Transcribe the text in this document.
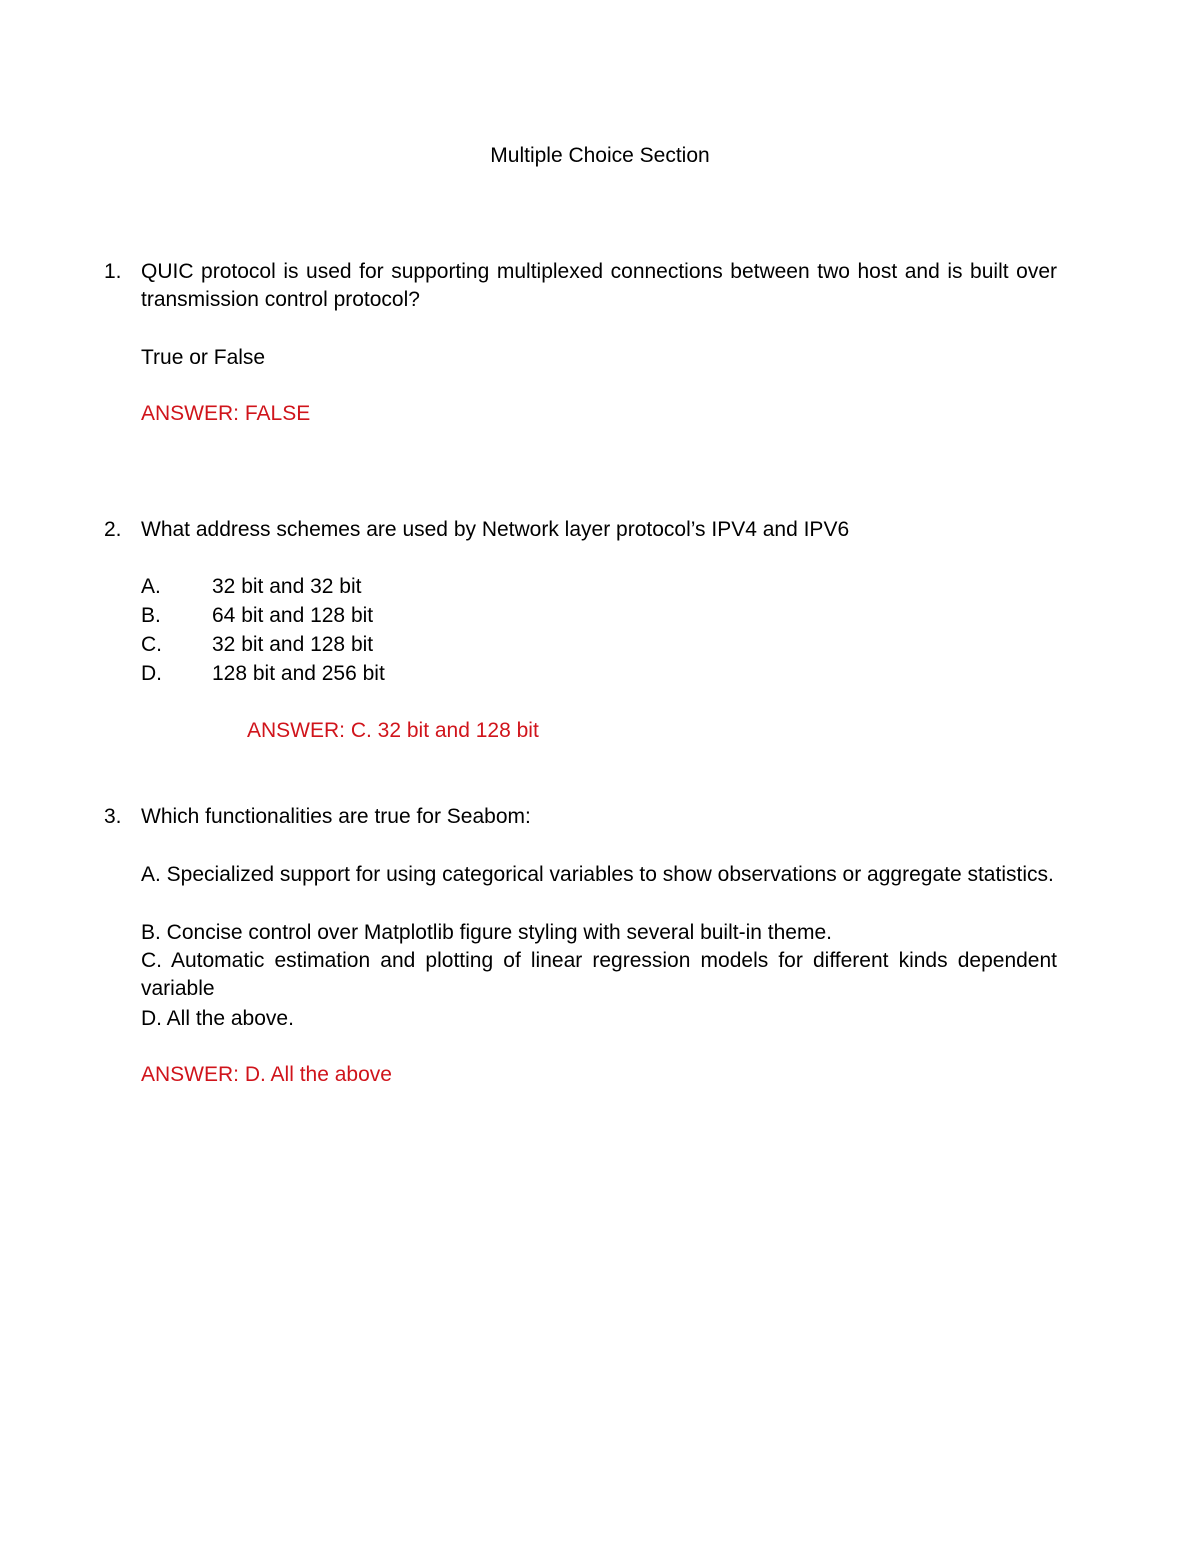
Multiple Choice Section
1. QUIC protocol is used for supporting multiplexed connections between two host and is built over transmission control protocol?
True or False
ANSWER: FALSE
2. What address schemes are used by Network layer protocol’s IPV4 and IPV6
A.	32 bit and 32 bit
B.	64 bit and 128 bit
C.	32 bit and 128 bit
D.	128 bit and 256 bit
ANSWER: C. 32 bit and 128 bit
3. Which functionalities are true for Seabom:
A. Specialized support for using categorical variables to show observations or aggregate statistics.
B. Concise control over Matplotlib figure styling with several built-in theme.
C. Automatic estimation and plotting of linear regression models for different kinds dependent variable
D. All the above.
ANSWER: D. All the above
